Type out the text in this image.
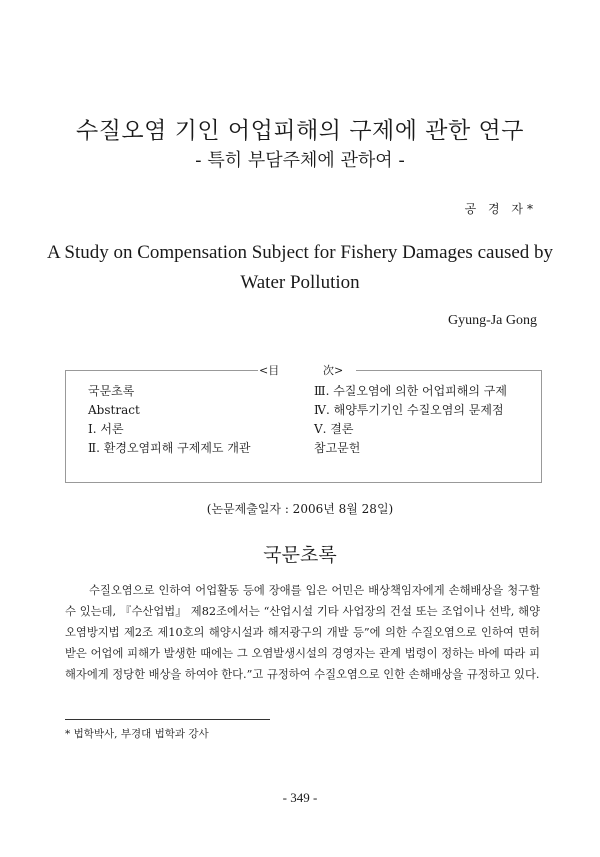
수질오염 기인 어업피해의 구제에 관한 연구
- 특히 부담주체에 관하여 -
공 경 자*
A Study on Compensation Subject for Fishery Damages caused by Water Pollution
Gyung-Ja Gong
<目	次>
국문초록
Abstract
Ⅰ. 서론
Ⅱ. 환경오염피해 구제제도 개관
Ⅲ. 수질오염에 의한 어업피해의 구제
Ⅳ. 해양투기기인 수질오염의 문제점
Ⅴ. 결론
참고문헌
(논문제출일자 : 2006년 8월 28일)
국문초록

수질오염으로 인하여 어업활동 등에 장애를 입은 어민은 배상책임자에게 손해배상을 청구할 수 있는데, 『수산업법』 제82조에서는 “산업시설 기타 사업장의 건설 또는 조업이나 선박, 해양오염방지법 제2조 제10호의 해양시설과 해저광구의 개발 등”에 의한 수질오염으로 인하여 면허받은 어업에 피해가 발생한 때에는 그 오염발생시설의 경영자는 관계 법령이 정하는 바에 따라 피해자에게 정당한 배상을 하여야 한다.”고 규정하여 수질오염으로 인한 손해배상을 규정하고 있다.

* 법학박사, 부경대 법학과 강사
- 349 -
